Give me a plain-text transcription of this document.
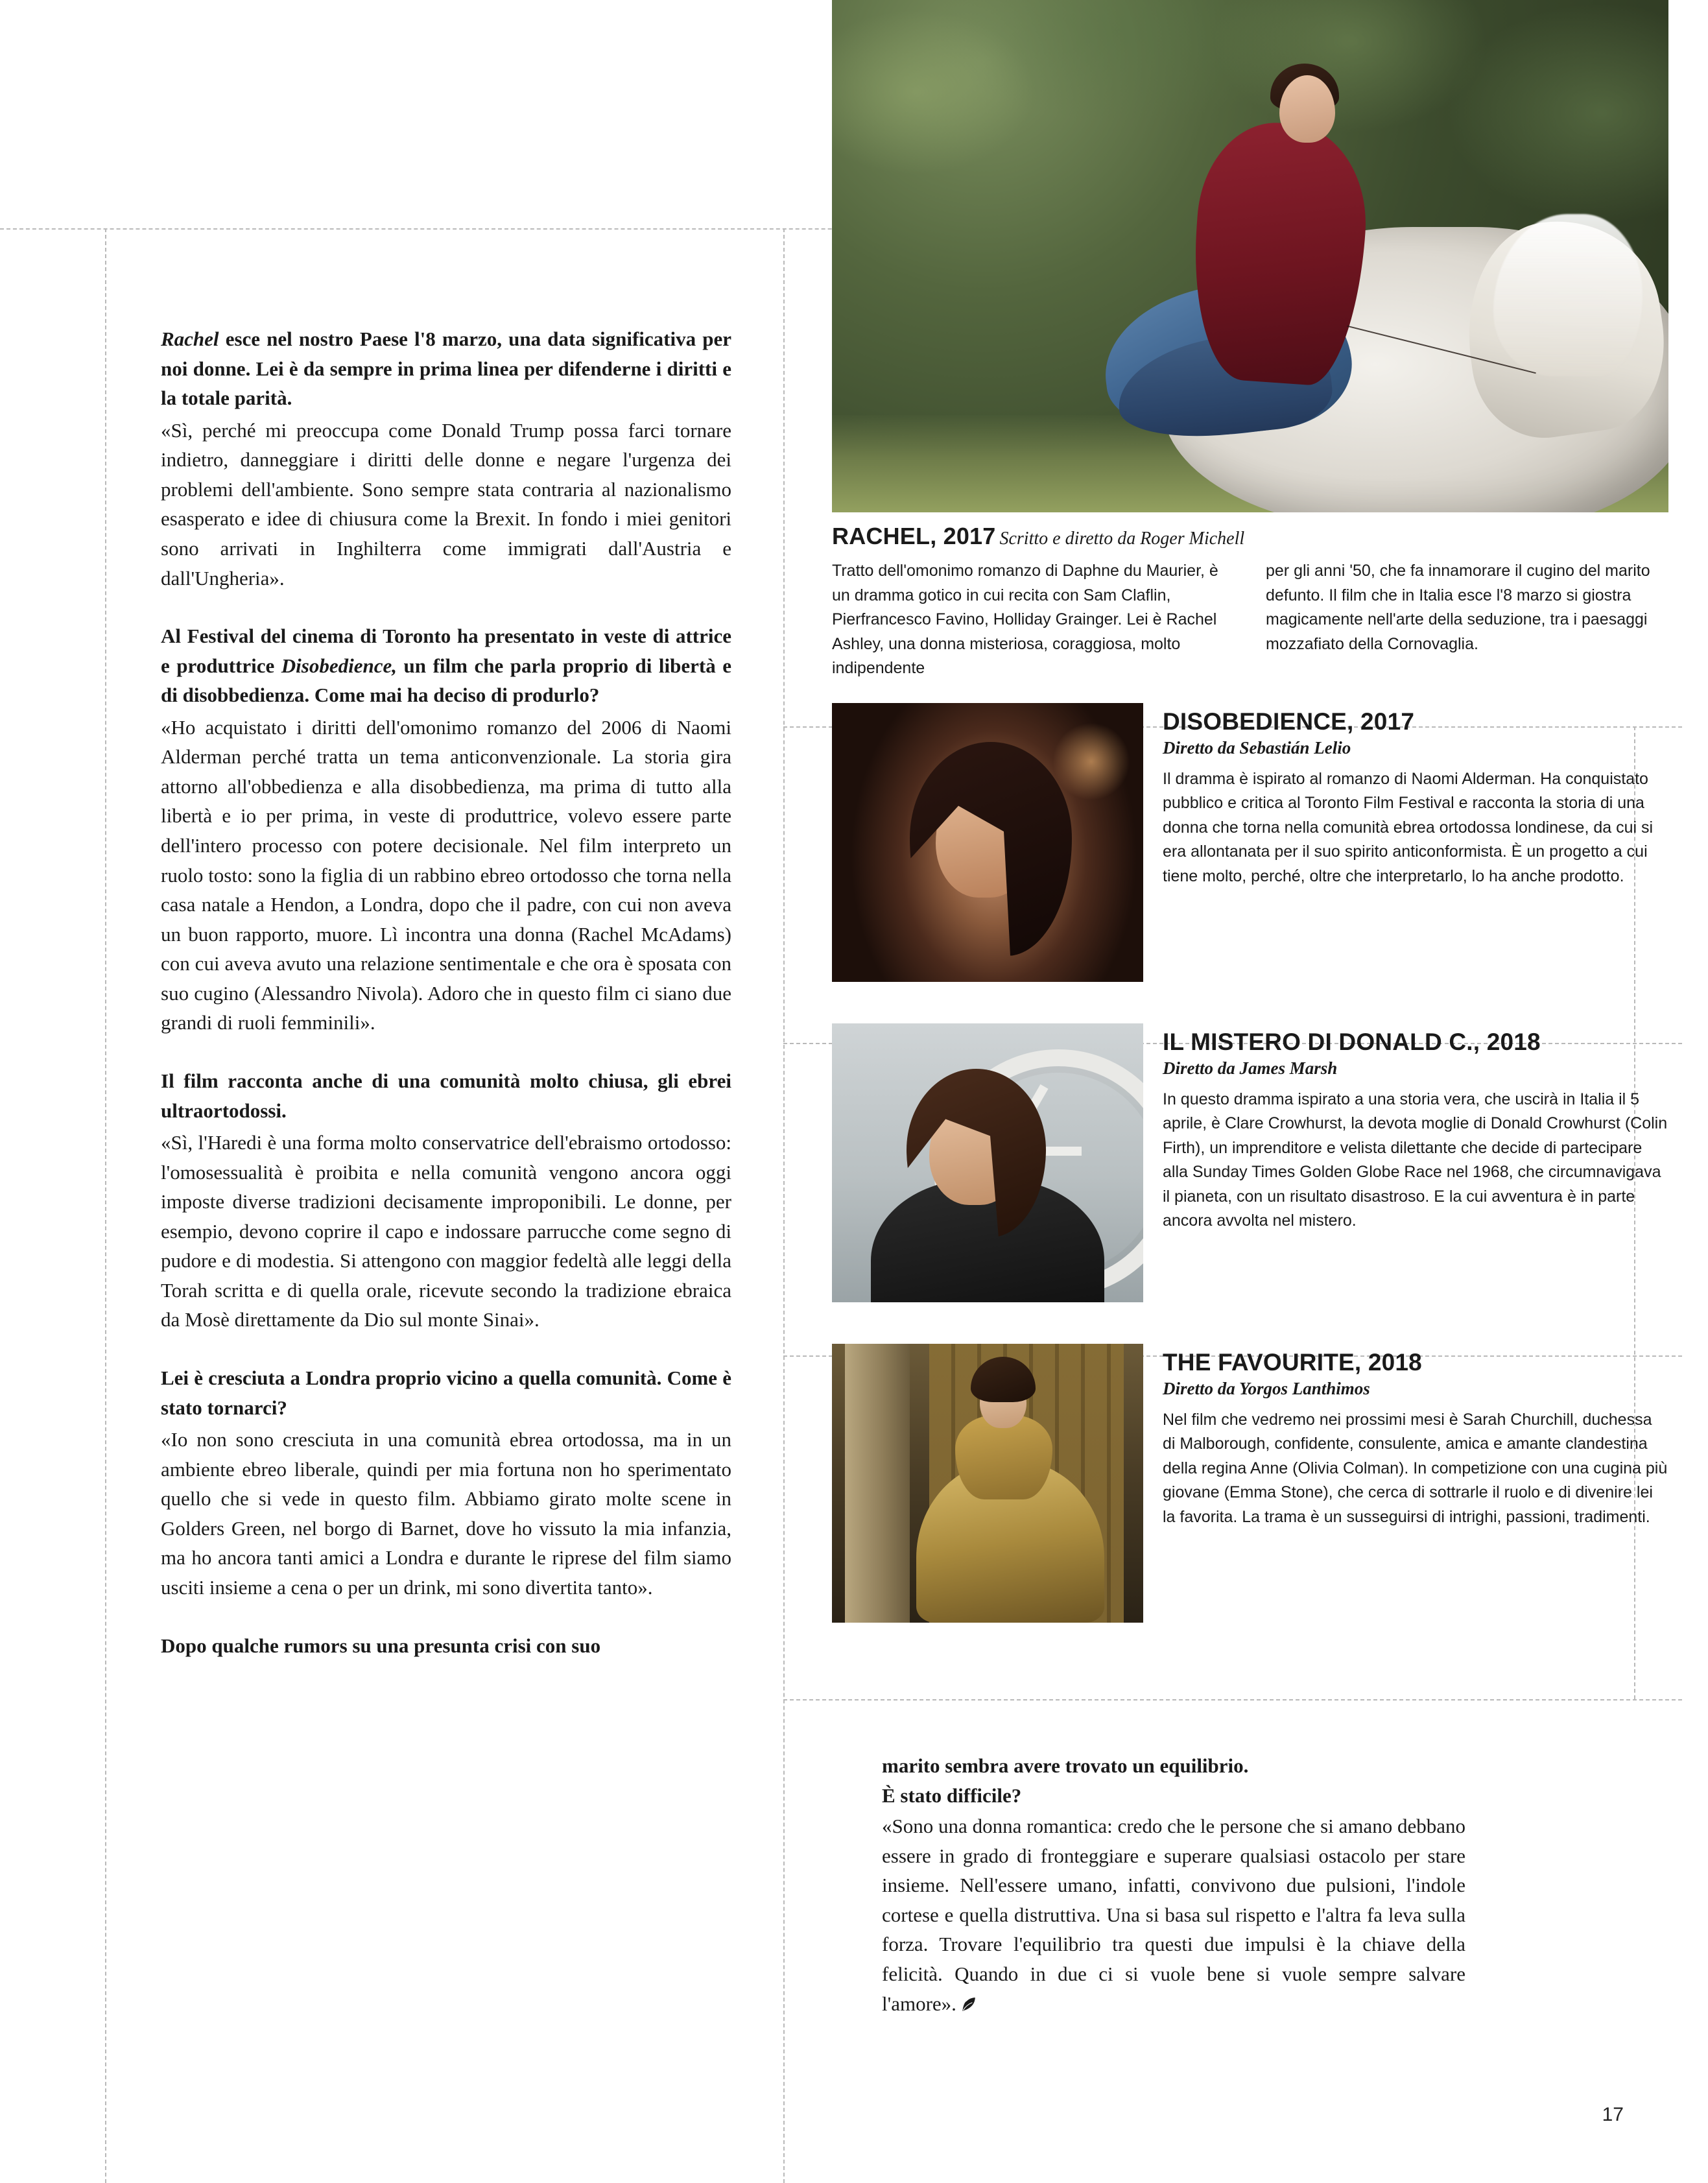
Rachel esce nel nostro Paese l'8 marzo, una data significativa per noi donne. Lei è da sempre in prima linea per difenderne i diritti e la totale parità.

«Sì, perché mi preoccupa come Donald Trump possa farci tornare indietro, danneggiare i diritti delle donne e negare l'urgenza dei problemi dell'ambiente. Sono sempre stata contraria al nazionalismo esasperato e idee di chiusura come la Brexit. In fondo i miei genitori sono arrivati in Inghilterra come immigrati dall'Austria e dall'Ungheria».

Al Festival del cinema di Toronto ha presentato in veste di attrice e produttrice Disobedience, un film che parla proprio di libertà e di disobbedienza. Come mai ha deciso di produrlo?

«Ho acquistato i diritti dell'omonimo romanzo del 2006 di Naomi Alderman perché tratta un tema anticonvenzionale. La storia gira attorno all'obbedienza e alla disobbedienza, ma prima di tutto alla libertà e io per prima, in veste di produttrice, volevo essere parte dell'intero processo con potere decisionale. Nel film interpreto un ruolo tosto: sono la figlia di un rabbino ebreo ortodosso che torna nella casa natale a Hendon, a Londra, dopo che il padre, con cui non aveva un buon rapporto, muore. Lì incontra una donna (Rachel McAdams) con cui aveva avuto una relazione sentimentale e che ora è sposata con suo cugino (Alessandro Nivola). Adoro che in questo film ci siano due grandi di ruoli femminili».

Il film racconta anche di una comunità molto chiusa, gli ebrei ultraortodossi.

«Sì, l'Haredi è una forma molto conservatrice dell'ebraismo ortodosso: l'omosessualità è proibita e nella comunità vengono ancora oggi imposte diverse tradizioni decisamente improponibili. Le donne, per esempio, devono coprire il capo e indossare parrucche come segno di pudore e di modestia. Si attengono con maggior fedeltà alle leggi della Torah scritta e di quella orale, ricevute secondo la tradizione ebraica da Mosè direttamente da Dio sul monte Sinai».

Lei è cresciuta a Londra proprio vicino a quella comunità. Come è stato tornarci?

«Io non sono cresciuta in una comunità ebrea ortodossa, ma in un ambiente ebreo liberale, quindi per mia fortuna non ho sperimentato quello che si vede in questo film. Abbiamo girato molte scene in Golders Green, nel borgo di Barnet, dove ho vissuto la mia infanzia, ma ho ancora tanti amici a Londra e durante le riprese del film siamo usciti insieme a cena o per un drink, mi sono divertita tanto».

Dopo qualche rumors su una presunta crisi con suo

RACHEL, 2017 Scritto e diretto da Roger Michell
Tratto dell'omonimo romanzo di Daphne du Maurier, è un dramma gotico in cui recita con Sam Claflin, Pierfrancesco Favino, Holliday Grainger. Lei è Rachel Ashley, una donna misteriosa, coraggiosa, molto indipendente
per gli anni '50, che fa innamorare il cugino del marito defunto. Il film che in Italia esce l'8 marzo si giostra magicamente nell'arte della seduzione, tra i paesaggi mozzafiato della Cornovaglia.

DISOBEDIENCE, 2017

Diretto da Sebastián Lelio

Il dramma è ispirato al romanzo di Naomi Alderman. Ha conquistato pubblico e critica al Toronto Film Festival e racconta la storia di una donna che torna nella comunità ebrea ortodossa londinese, da cui si era allontanata per il suo spirito anticonformista. È un progetto a cui tiene molto, perché, oltre che interpretarlo, lo ha anche prodotto.

IL MISTERO DI DONALD C., 2018

Diretto da James Marsh

In questo dramma ispirato a una storia vera, che uscirà in Italia il 5 aprile, è Clare Crowhurst, la devota moglie di Donald Crowhurst (Colin Firth), un imprenditore e velista dilettante che decide di partecipare alla Sunday Times Golden Globe Race nel 1968, che circumnavigava il pianeta, con un risultato disastroso. E la cui avventura è in parte ancora avvolta nel mistero.

THE FAVOURITE, 2018

Diretto da Yorgos Lanthimos

Nel film che vedremo nei prossimi mesi è Sarah Churchill, duchessa di Malborough, confidente, consulente, amica e amante clandestina della regina Anne (Olivia Colman). In competizione con una cugina più giovane (Emma Stone), che cerca di sottrarle il ruolo e di divenire lei la favorita. La trama è un susseguirsi di intrighi, passioni, tradimenti.

marito sembra avere trovato un equilibrio.
È stato difficile?

«Sono una donna romantica: credo che le persone che si amano debbano essere in grado di fronteggiare e superare qualsiasi ostacolo per stare insieme. Nell'essere umano, infatti, convivono due pulsioni, l'indole cortese e quella distruttiva. Una si basa sul rispetto e l'altra fa leva sulla forza. Trovare l'equilibrio tra questi due impulsi è la chiave della felicità. Quando in due ci si vuole bene si vuole sempre salvare l'amore».

17
